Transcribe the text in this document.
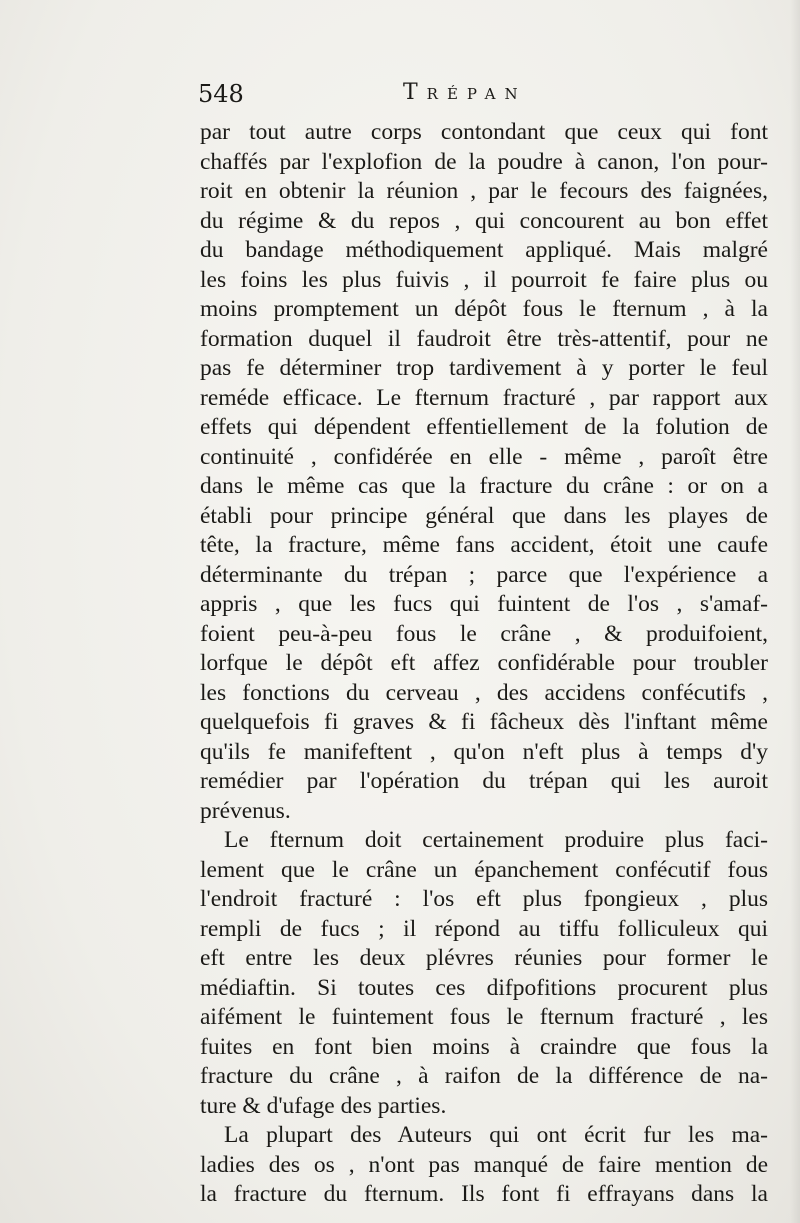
548	Trépan
par tout autre corps contondant que ceux qui font
chaffés par l'explofion de la poudre à canon, l'on pour-
roit en obtenir la réunion , par le fecours des faignées,
du régime & du repos , qui concourent au bon effet
du bandage méthodiquement appliqué. Mais malgré
les foins les plus fuivis , il pourroit fe faire plus ou
moins promptement un dépôt fous le fternum , à la
formation duquel il faudroit être très-attentif, pour ne
pas fe déterminer trop tardivement à y porter le feul
reméde efficace. Le fternum fracturé , par rapport aux
effets qui dépendent effentiellement de la folution de
continuité , confidérée en elle - même , paroît être
dans le même cas que la fracture du crâne : or on a
établi pour principe général que dans les playes de
tête, la fracture, même fans accident, étoit une caufe
déterminante du trépan ; parce que l'expérience a
appris , que les fucs qui fuintent de l'os , s'amaf-
foient peu-à-peu fous le crâne , & produifoient,
lorfque le dépôt eft affez confidérable pour troubler
les fonctions du cerveau , des accidens confécutifs ,
quelquefois fi graves & fi fâcheux dès l'inftant même
qu'ils fe manifeftent , qu'on n'eft plus à temps d'y
remédier par l'opération du trépan qui les auroit
prévenus.
Le fternum doit certainement produire plus faci-
lement que le crâne un épanchement confécutif fous
l'endroit fracturé : l'os eft plus fpongieux , plus
rempli de fucs ; il répond au tiffu folliculeux qui
eft entre les deux plévres réunies pour former le
médiaftin. Si toutes ces difpofitions procurent plus
aifément le fuintement fous le fternum fracturé , les
fuites en font bien moins à craindre que fous la
fracture du crâne , à raifon de la différence de na-
ture & d'ufage des parties.
La plupart des Auteurs qui ont écrit fur les ma-
ladies des os , n'ont pas manqué de faire mention de
la fracture du fternum. Ils font fi effrayans dans la
